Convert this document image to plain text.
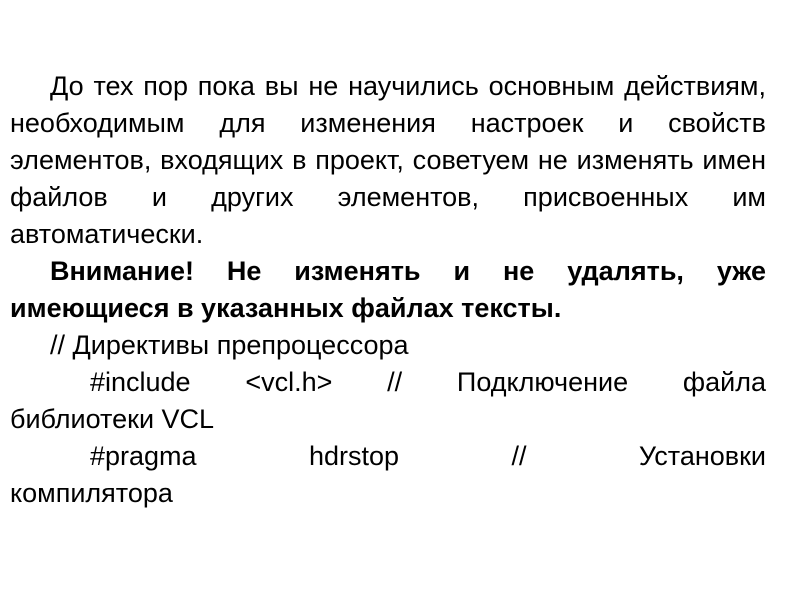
До тех пор пока вы не научились основным действиям, необходимым для изменения настроек и свойств элементов, входящих в проект, советуем не изменять имен файлов и других элементов, присвоенных им автоматически.

Внимание! Не изменять и не удалять, уже имеющиеся в указанных файлах тексты.

// Директивы препроцессора

#include <vcl.h> // Подключение файла

библиотеки VCL

#pragma hdrstop // Установки

компилятора
